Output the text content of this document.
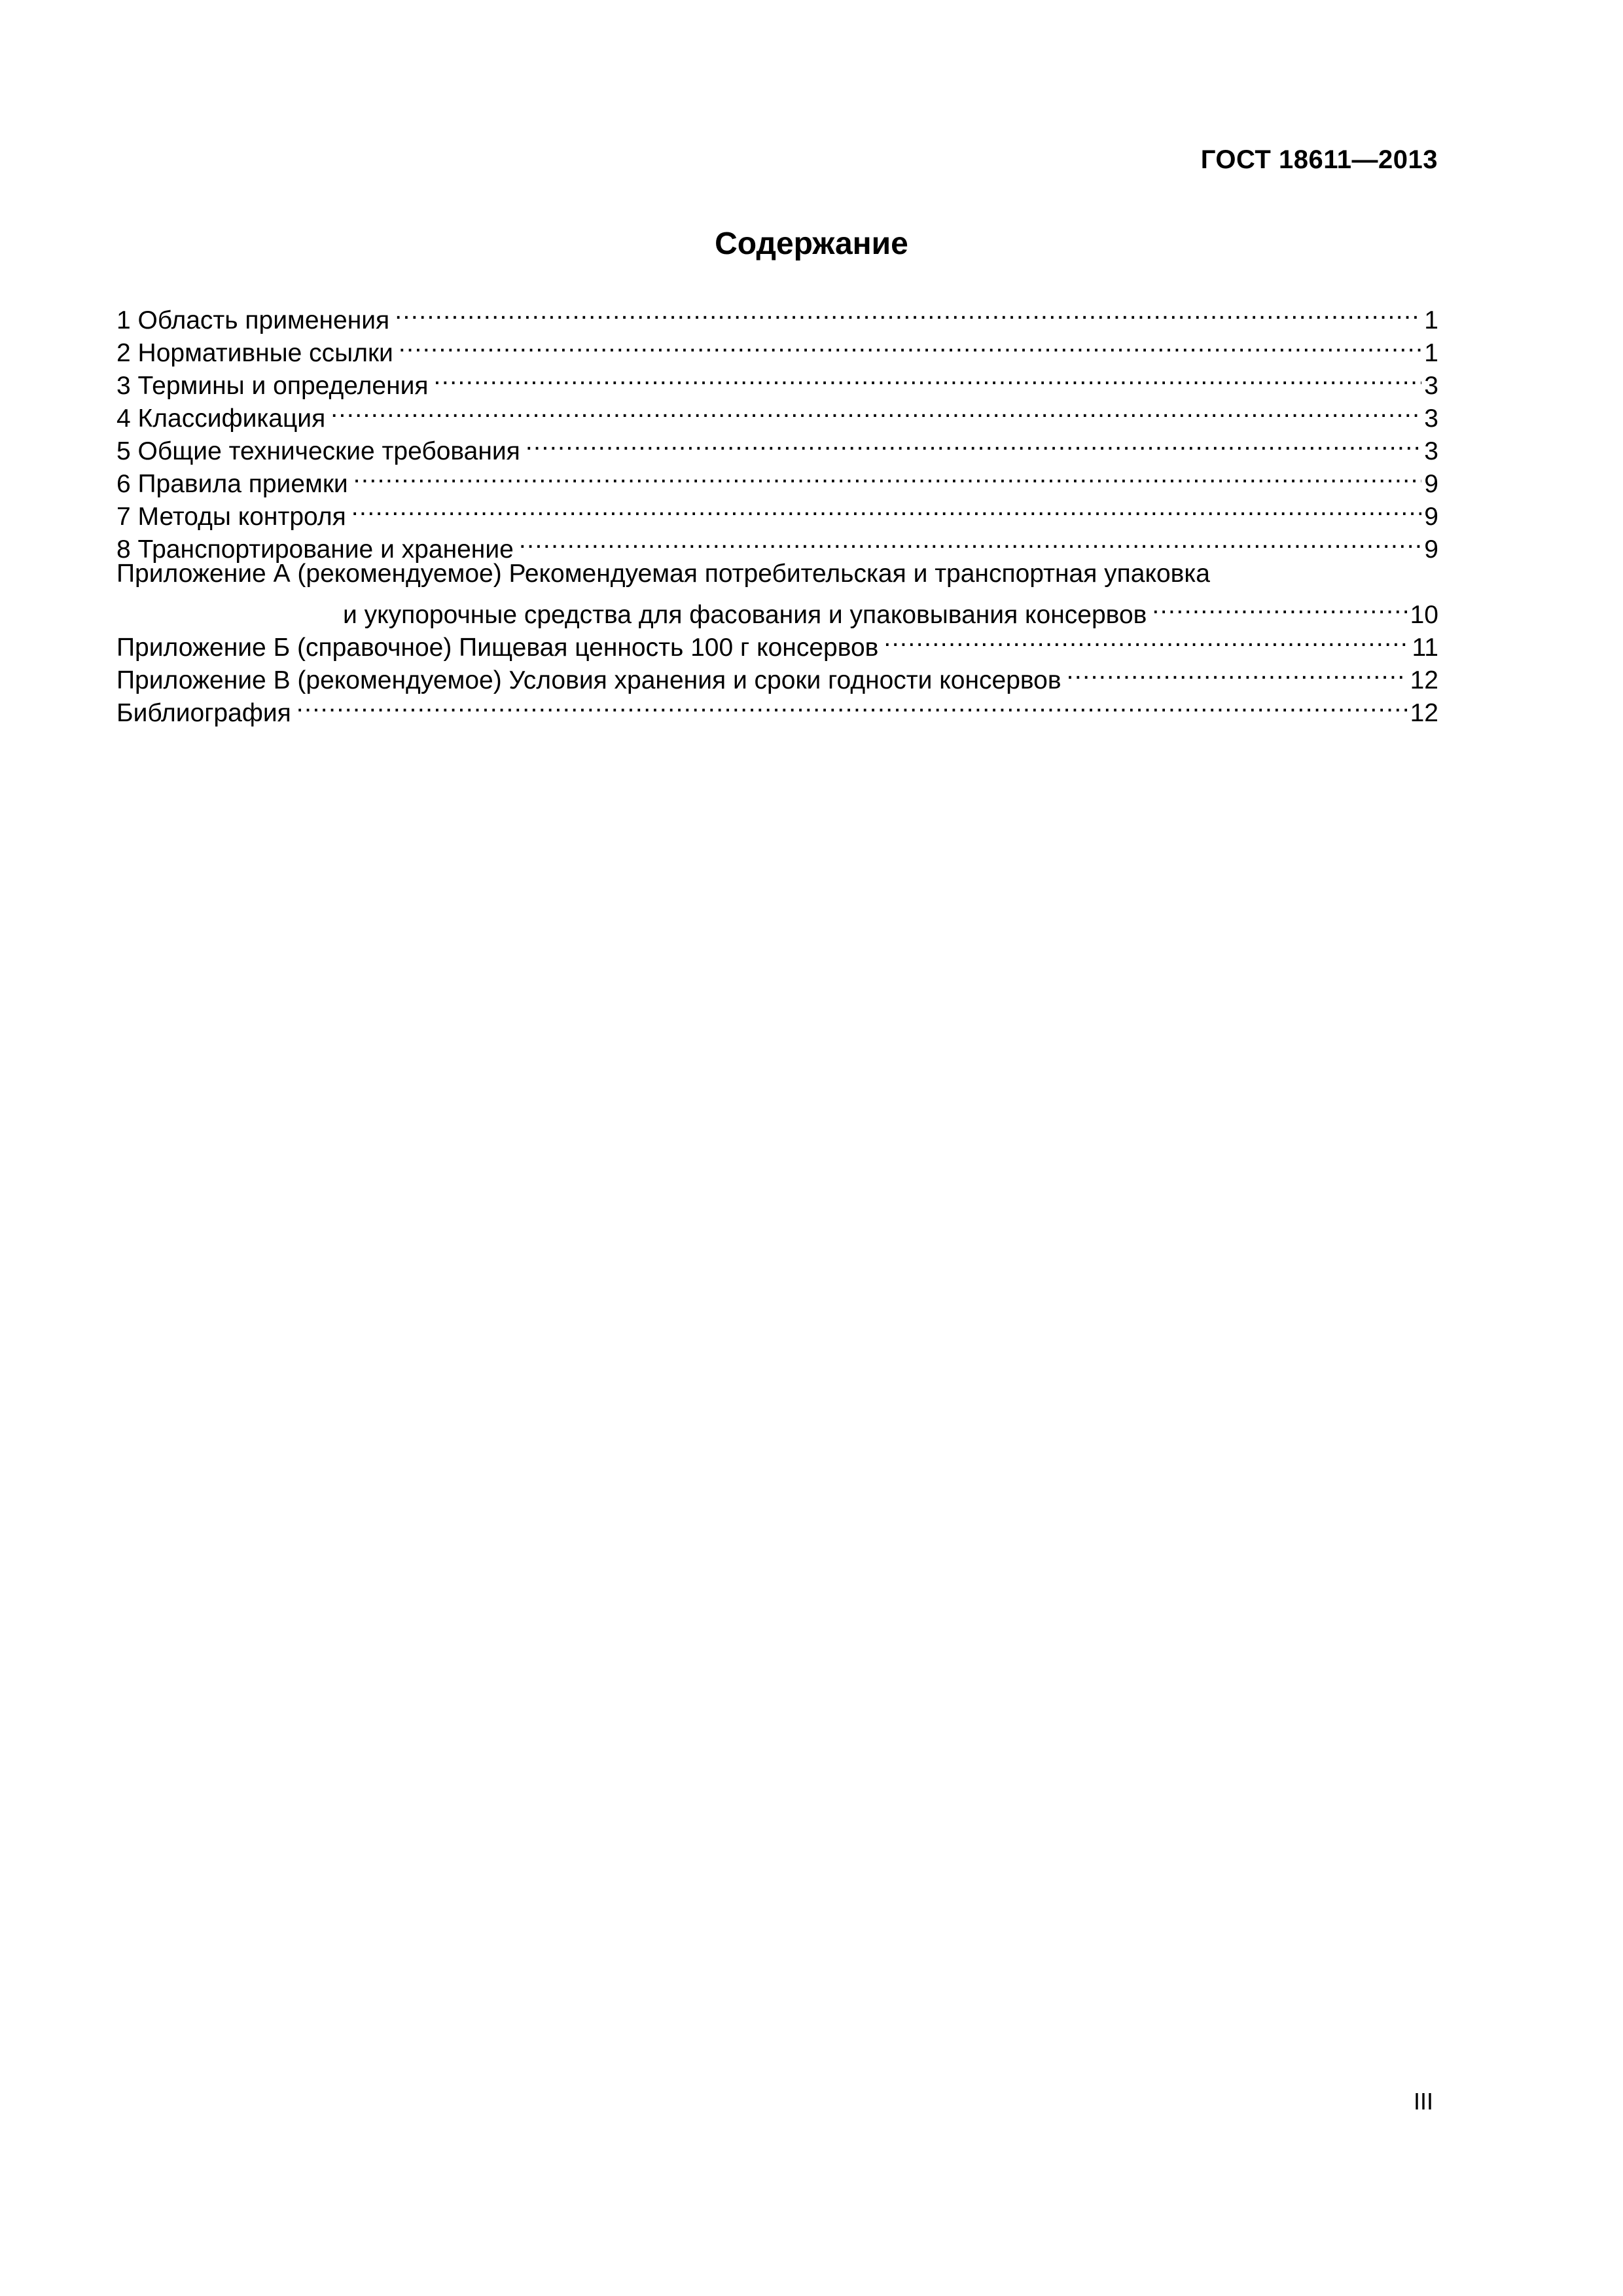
ГОСТ 18611—2013
Содержание
1 Область применения .....	1
2 Нормативные ссылки .....	1
3 Термины и определения .....	3
4 Классификация .....	3
5 Общие технические требования .....	3
6 Правила приемки .....	9
7 Методы контроля .....	9
8 Транспортирование и хранение .....	9
Приложение А (рекомендуемое) Рекомендуемая потребительская и транспортная упаковка
и укупорочные средства для фасования и упаковывания консервов .....	10
Приложение Б (справочное) Пищевая ценность 100 г консервов .....	11
Приложение В (рекомендуемое) Условия хранения и сроки годности консервов .....	12
Библиография .....	12
III
